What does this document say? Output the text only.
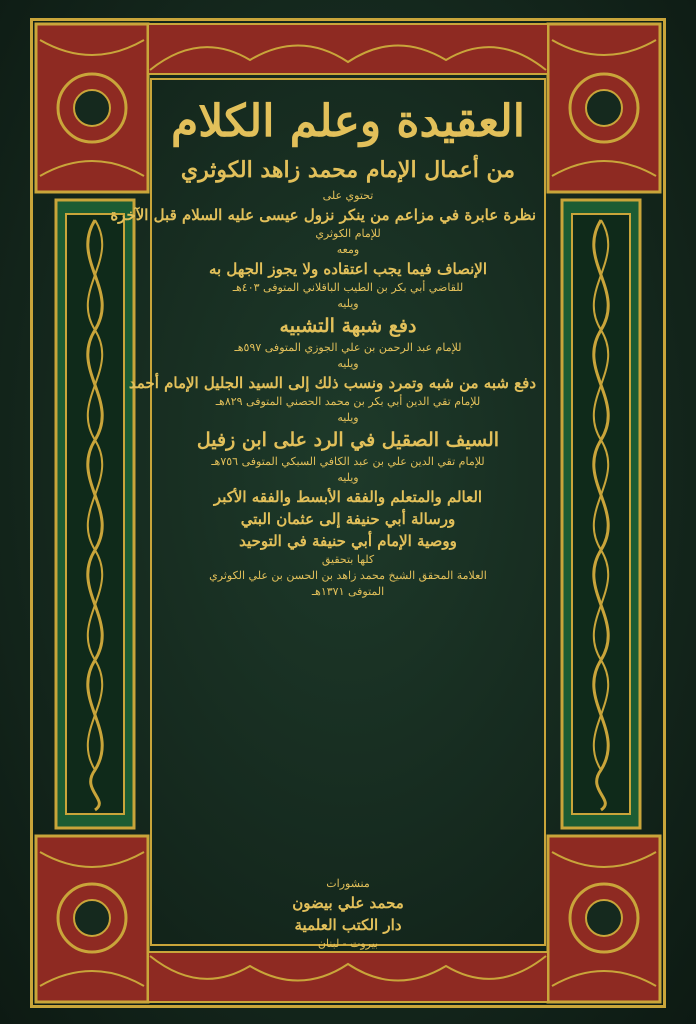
العقيدة وعلم الكلام
من أعمال الإمام محمد زاهد الكوثري
تحتوي على
نظرة عابرة في مزاعم من ينكر نزول عيسى عليه السلام قبل الآخرة
للإمام الكوثري
ومعه
الإنصاف فيما يجب اعتقاده ولا يجوز الجهل به
للقاضي أبي بكر بن الطيب الباقلاني المتوفى ٤٠٣هـ
ويليه
دفع شبهة التشبيه
للإمام عبد الرحمن بن علي الجوزي المتوفى ٥٩٧هـ
ويليه
دفع شبه من شبه وتمرد ونسب ذلك إلى السيد الجليل الإمام أحمد
للإمام تقي الدين أبي بكر بن محمد الحصني المتوفى ٨٢٩هـ
ويليه
السيف الصقيل في الرد على ابن زفيل
للإمام تقي الدين علي بن عبد الكافي السبكي المتوفى ٧٥٦هـ
ويليه
العالم والمتعلم والفقه الأبسط والفقه الأكبر
ورسالة أبي حنيفة إلى عثمان البتي
ووصية الإمام أبي حنيفة في التوحيد
كلها بتحقيق
العلامة المحقق الشيخ محمد زاهد بن الحسن بن علي الكوثري
المتوفى ١٣٧١هـ
منشورات
محمد علي بيضون
دار الكتب العلمية
بيروت - لبنان
